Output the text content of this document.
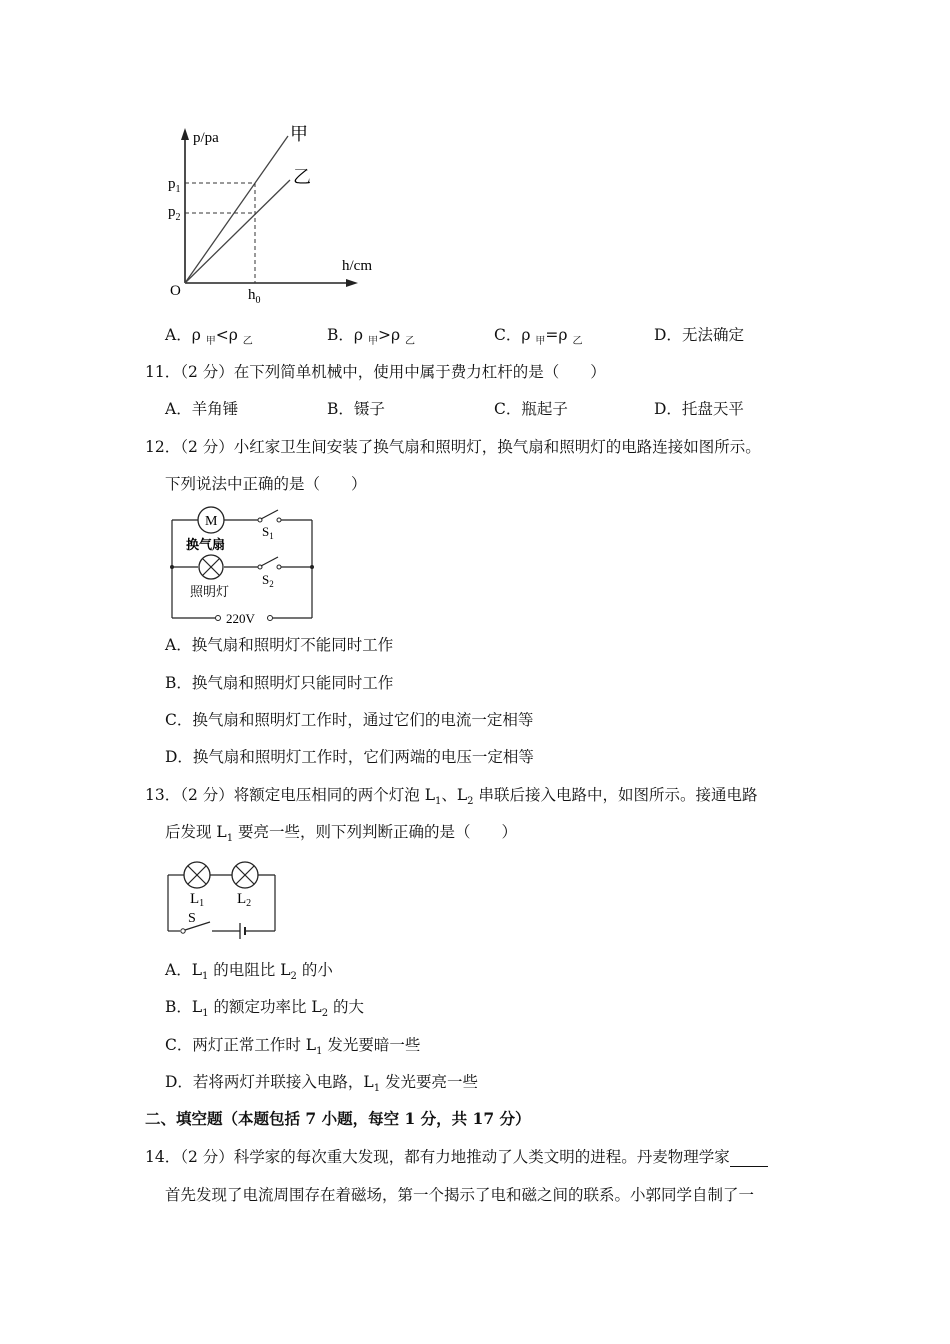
p/pa
h/cm
O
$p_1$
$p_2$
$h_0$
甲
乙
A．ρ $_甲$<ρ $_乙$	B．ρ $_甲$>ρ $_乙$	C．ρ $_甲$=ρ $_乙$	D．无法确定
11．（2 分）在下列简单机械中，使用中属于费力杠杆的是（　　）
A．羊角锤	B．镊子	C．瓶起子	D．托盘天平
12．（2 分）小红家卫生间安装了换气扇和照明灯，换气扇和照明灯的电路连接如图所示。
下列说法中正确的是（　　）
M
换气扇
$S_1$
照明灯
$S_2$
220V
A．换气扇和照明灯不能同时工作
B．换气扇和照明灯只能同时工作
C．换气扇和照明灯工作时，通过它们的电流一定相等
D．换气扇和照明灯工作时，它们两端的电压一定相等
13．（2 分）将额定电压相同的两个灯泡 $L_1$、$L_2$ 串联后接入电路中，如图所示。接通电路
后发现 $L_1$ 要亮一些，则下列判断正确的是（　　）
$L_1$ $L_2$
S
A．$L_1$ 的电阻比 $L_2$ 的小
B．$L_1$ 的额定功率比 $L_2$ 的大
C．两灯正常工作时 $L_1$ 发光要暗一些
D．若将两灯并联接入电路，$L_1$ 发光要亮一些
二、填空题（本题包括 7 小题，每空 1 分，共 17 分）
14．（2 分）科学家的每次重大发现，都有力地推动了人类文明的进程。丹麦物理学家
首先发现了电流周围存在着磁场，第一个揭示了电和磁之间的联系。小郭同学自制了一
